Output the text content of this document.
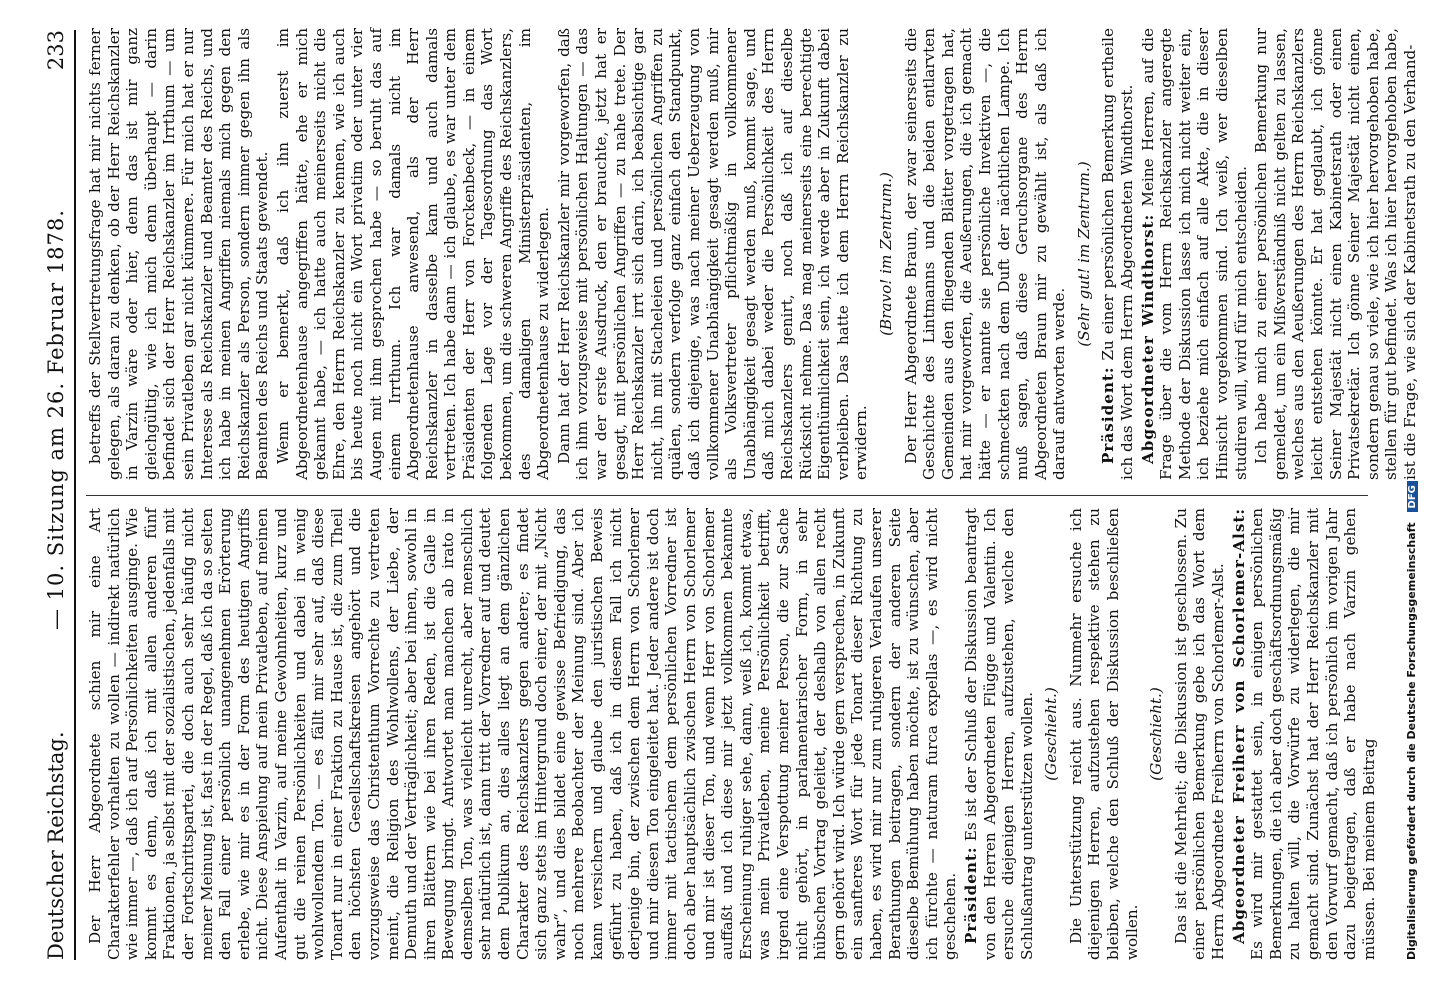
Deutscher Reichstag.
— 10. Sitzung am 26. Februar 1878.
233

Der Herr Abgeordnete schien mir eine Art Charakterfehler vorhalten zu wollen — indirekt natürlich wie immer —, daß ich auf Persönlichkeiten ausginge. Wie kommt es denn, daß ich mit allen anderen fünf Fraktionen, ja selbst mit der sozialistischen, jedenfalls mit der Fortschrittspartei, die doch auch sehr häufig nicht meiner Meinung ist, fast in der Regel, daß ich da so selten den Fall einer persönlich unangenehmen Erörterung erlebe, wie mir es in der Form des heutigen Angriffs nicht. Diese Anspielung auf mein Privatleben, auf meinen Aufenthalt in Varzin, auf meine Gewohnheiten, kurz und gut die reinen Persönlichkeiten und dabei in wenig wohlwollendem Ton. — es fällt mir sehr auf, daß diese Tonart nur in einer Fraktion zu Hause ist, die zum Theil den höchsten Gesellschaftskreisen angehört und die vorzugsweise das Christenthum Vorrechte zu vertreten meint, die Religion des Wohlwollens, der Liebe, der Demuth und der Verträglichkeit; aber bei ihnen, sowohl in ihren Blättern wie bei ihren Reden, ist die Galle in Bewegung bringt. Antwortet man manchen ab irato in demselben Ton, was vielleicht unrecht, aber menschlich sehr natürlich ist, dann tritt der Vorredner auf und deutet dem Publikum an, dies alles liegt an dem gänzlichen Charakter des Reichskanzlers gegen andere; es findet sich ganz stets im Hintergrund doch einer, der mit „Nicht wahr“, und dies bildet eine gewisse Befriedigung, das noch mehrere Beobachter der Meinung sind. Aber ich kann versichern und glaube den juristischen Beweis geführt zu haben, daß ich in diesem Fall ich nicht derjenige bin, der zwischen dem Herrn von Schorlemer und mir diesen Ton eingeleitet hat. Jeder andere ist doch immer mit tactischem dem persönlichen Vorredner ist doch aber hauptsächlich zwischen Herrn von Schorlemer und mir ist dieser Ton, und wenn Herr von Schorlemer auffaßt und ich diese mir jetzt vollkommen bekannte Erscheinung ruhiger sehe, dann, weiß ich, kommt etwas, was mein Privatleben, meine Persönlichkeit betrifft, irgend eine Verspottung meiner Person, die zur Sache nicht gehört, in parlamentarischer Form, in sehr hübschen Vortrag geleitet, der deshalb von allen recht gern gehört wird. Ich würde gern versprechen, in Zukunft ein sanfteres Wort für jede Tonart dieser Richtung zu haben, es wird mir nur zum ruhigeren Verlaufen unserer Berathungen beitragen, sondern der anderen Seite dieselbe Bemühung haben möchte, ist zu wünschen, aber ich fürchte — naturam furca expellas —, es wird nicht geschehen. Präsident: Es ist der Schluß der Diskussion beantragt von den Herren Abgeordneten Flügge und Valentin. Ich ersuche diejenigen Herren, aufzustehen, welche den Schlußantrag unterstützen wollen. (Geschieht.) Die Unterstützung reicht aus. Nunmehr ersuche ich diejenigen Herren, aufzustehen respektive stehen zu bleiben, welche den Schluß der Diskussion beschließen wollen.

(Geschieht.) Das ist die Mehrheit; die Diskussion ist geschlossen. Zu einer persönlichen Bemerkung gebe ich das Wort dem Herrn Abgeordnete Freiherrn von Schorlemer-Alst. Abgeordneter Freiherr von Schorlemer-Alst: Es wird mir gestattet sein, in einigen persönlichen Bemerkungen, die ich aber doch geschäftsordnungsmäßig zu halten will, die Vorwürfe zu widerlegen, die mir gemacht sind. Zunächst hat der Herr Reichskanzler mit den Vorwurf gemacht, daß ich persönlich im vorigen Jahr dazu beigetragen, daß er habe nach Varzin gehen müssen. Bei meinem Beitrag

betreffs der Stellvertretungsfrage hat mir nichts ferner gelegen, als daran zu denken, ob der Herr Reichskanzler in Varzin wäre oder hier, denn das ist mir ganz gleichgültig, wie ich mich denn überhaupt — darin befindet sich der Herr Reichskanzler im Irrthum — um sein Privatleben gar nicht kümmere. Für mich hat er nur Interesse als Reichskanzler und Beamter des Reichs, und ich habe in meinen Angriffen niemals mich gegen den Reichskanzler als Person, sondern immer gegen ihn als Beamten des Reichs und Staats gewendet. Wenn er bemerkt, daß ich ihn zuerst im Abgeordnetenhause angegriffen hätte, ehe er mich gekannt habe, — ich hatte auch meinerseits nicht die Ehre, den Herrn Reichskanzler zu kennen, wie ich auch bis heute noch nicht ein Wort privatim oder unter vier Augen mit ihm gesprochen habe — so beruht das auf einem Irrthum. Ich war damals nicht im Abgeordnetenhause anwesend, als der Herr Reichskanzler in dasselbe kam und auch damals vertreten. Ich habe dann — ich glaube, es war unter dem Präsidenten der Herr von Forckenbeck, — in einem folgenden Lage vor der Tagesordnung das Wort bekommen, um die schweren Angriffe des Reichskanzlers, des damaligen Ministerpräsidenten, im Abgeordnetenhause zu widerlegen. Dann hat der Herr Reichskanzler mir vorgeworfen, daß ich ihm vorzugsweise mit persönlichen Haltungen — das war der erste Ausdruck, den er brauchte, jetzt hat er gesagt, mit persönlichen Angriffen — zu nahe trete. Der Herr Reichskanzler irrt sich darin, ich beabsichtige gar nicht, ihn mit Stacheleien und persönlichen Angriffen zu quälen, sondern verfolge ganz einfach den Standpunkt, daß ich diejenige, was nach meiner Ueberzeugung von vollkommener Unabhängigkeit gesagt werden muß, mir als Volksvertreter pflichtmäßig in vollkommener Unabhängigkeit gesagt werden muß, kommt sage, und daß mich dabei weder die Persönlichkeit des Herrn Reichskanzlers genirt, noch daß ich auf dieselbe Rücksicht nehme. Das mag meinerseits eine berechtigte Eigenthümlichkeit sein, ich werde aber in Zukunft dabei verbleiben. Das hatte ich dem Herrn Reichskanzler zu erwidern.

(Bravo! im Zentrum.) Der Herr Abgeordnete Braun, der zwar seinerseits die Geschichte des Lintmanns und die beiden entlarvten Gemeinden aus den fliegenden Blätter vorgetragen hat, hat mir vorgeworfen, die Aeußerungen, die ich gemacht hätte — er nannte sie persönliche Invektiven —, die schmeckten nach dem Duft der nächtlichen Lampe. Ich muß sagen, daß diese Geruchsorgane des Herrn Abgeordneten Braun mir zu gewählt ist, als daß ich darauf antworten werde.

(Sehr gut! im Zentrum.)

Präsident: Zu einer persönlichen Bemerkung ertheile ich das Wort dem Herrn Abgeordneten Windthorst. Abgeordneter Windthorst: Meine Herren, auf die Frage über die vom Herrn Reichskanzler angeregte Methode der Diskussion lasse ich mich nicht weiter ein, ich beziehe mich einfach auf alle Akte, die in dieser Hinsicht vorgekommen sind. Ich weiß, wer dieselben studiren will, wird für mich entscheiden. Ich habe mich zu einer persönlichen Bemerkung nur gemeldet, um ein Mißverständniß nicht gelten zu lassen, welches aus den Aeußerungen des Herrn Reichskanzlers leicht entstehen könnte. Er hat geglaubt, ich gönne Seiner Majestät nicht einen Kabinetsrath oder einen Privatsekretär. Ich gönne Seiner Majestät nicht einen, sondern genau so viele, wie ich hier hervorgehoben habe, stellen für gut befindet. Was ich hier hervorgehoben habe, ist die Frage, wie sich der Kabinetsrath zu den Verhand-

Digitalisierung gefördert durch die Deutsche Forschungsgemeinschaft DFG
